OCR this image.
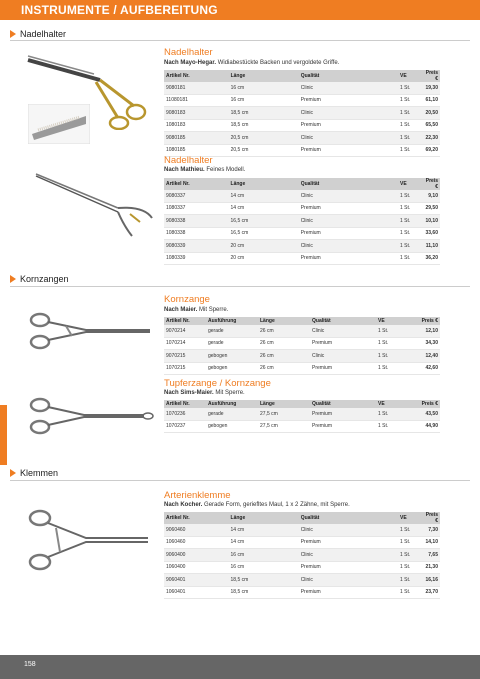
INSTRUMENTE / AUFBEREITUNG
Nadelhalter
Nadelhalter
Nach Mayo-Hegar. Widiabestückte Backen und vergoldete Griffe.
Artikel Nr.	Länge	Qualität	VE	Preis €
9080181	16 cm	Clinic	1 St.	19,30
11080181	16 cm	Premium	1 St.	61,10
9080183	18,5 cm	Clinic	1 St.	20,50
1080183	18,5 cm	Premium	1 St.	65,50
9080185	20,5 cm	Clinic	1 St.	22,30
1080185	20,5 cm	Premium	1 St.	69,20
Nadelhalter
Nach Mathieu. Feines Modell.
Artikel Nr.	Länge	Qualität	VE	Preis €
9080337	14 cm	Clinic	1 St.	9,10
1080337	14 cm	Premium	1 St.	29,50
9080338	16,5 cm	Clinic	1 St.	10,10
1080338	16,5 cm	Premium	1 St.	33,60
9080339	20 cm	Clinic	1 St.	11,10
1080339	20 cm	Premium	1 St.	36,20
Kornzangen
Kornzange
Nach Maier. Mit Sperre.
Artikel Nr.	Ausführung	Länge	Qualität	VE	Preis €
9070214	gerade	26 cm	Clinic	1 St.	12,10
1070214	gerade	26 cm	Premium	1 St.	34,30
9070215	gebogen	26 cm	Clinic	1 St.	12,40
1070215	gebogen	26 cm	Premium	1 St.	42,60
Tupferzange / Kornzange
Nach Sims-Maier. Mit Sperre.
Artikel Nr.	Ausführung	Länge	Qualität	VE	Preis €
1070236	gerade	27,5 cm	Premium	1 St.	43,50
1070237	gebogen	27,5 cm	Premium	1 St.	44,90
Klemmen
Arterienklemme
Nach Kocher. Gerade Form, geriefltes Maul, 1 x 2 Zähne, mit Sperre.
Artikel Nr.	Länge	Qualität	VE	Preis €
9060460	14 cm	Clinic	1 St.	7,30
1060460	14 cm	Premium	1 St.	14,10
9060400	16 cm	Clinic	1 St.	7,65
1060400	16 cm	Premium	1 St.	21,30
9060401	18,5 cm	Clinic	1 St.	16,16
1060401	18,5 cm	Premium	1 St.	23,70
158
